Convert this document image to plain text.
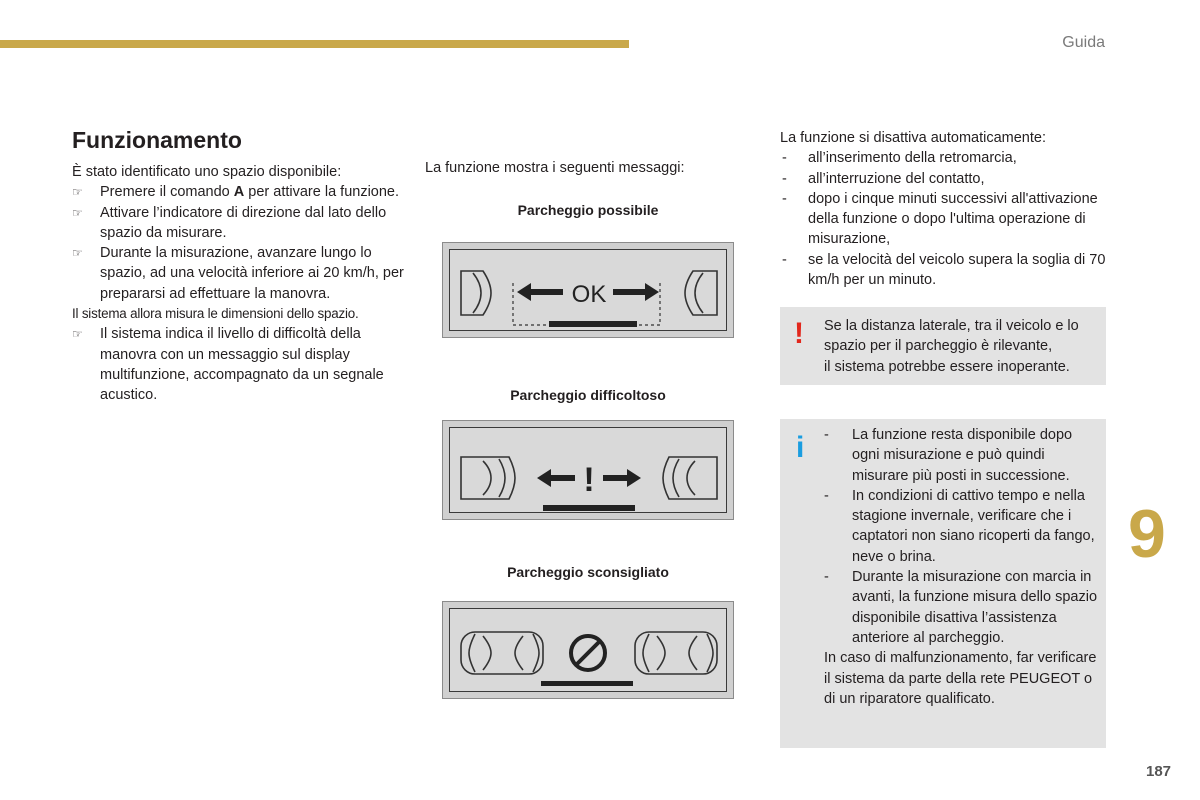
Guida
9
187
Funzionamento

È stato identificato uno spazio disponibile:

☞ Premere il comando A per attivare la funzione.
☞ Attivare l’indicatore di direzione dal lato dello spazio da misurare.
☞ Durante la misurazione, avanzare lungo lo spazio, ad una velocità inferiore ai 20 km/h, per prepararsi ad effettuare la manovra.

Il sistema allora misura le dimensioni dello spazio.

☞ Il sistema indica il livello di difficoltà della manovra con un messaggio sul display multifunzione, accompagnato da un segnale acustico.
La funzione mostra i seguenti messaggi:
Parcheggio possibile
OK
Parcheggio difficoltoso
!
Parcheggio sconsigliato

La funzione si disattiva automaticamente:

- all’inserimento della retromarcia,
- all’interruzione del contatto,
- dopo i cinque minuti successivi all'attivazione della funzione o dopo l'ultima operazione di misurazione,
- se la velocità del veicolo supera la soglia di 70 km/h per un minuto.
! Se la distanza laterale, tra il veicolo e lo spazio per il parcheggio è rilevante,
il sistema potrebbe essere inoperante.

i - La funzione resta disponibile dopo ogni misurazione e può quindi misurare più posti in successione.
- In condizioni di cattivo tempo e nella stagione invernale, verificare che i captatori non siano ricoperti da fango, neve o brina.
- Durante la misurazione con marcia in avanti, la funzione misura dello spazio disponibile disattiva l’assistenza anteriore al parcheggio.

In caso di malfunzionamento, far verificare il sistema da parte della rete PEUGEOT o di un riparatore qualificato.
